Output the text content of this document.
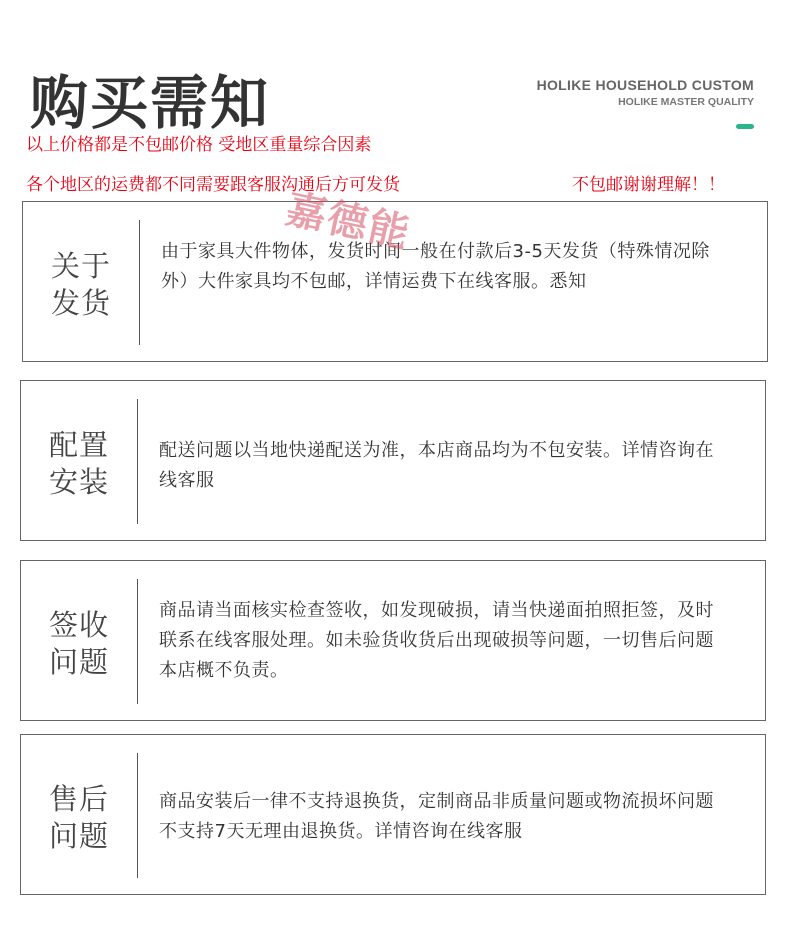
购买需知	HOLIKE HOUSEHOLD CUSTOM
HOLIKE MASTER QUALITY
以上价格都是不包邮价格 受地区重量综合因素
各个地区的运费都不同需要跟客服沟通后方可发货	不包邮谢谢理解！！
嘉德能
关于
发货

由于家具大件物体，发货时间一般在付款后3-5天发货（特殊情况除外）大件家具均不包邮，详情运费下在线客服。悉知

配置
安装

配送问题以当地快递配送为准，本店商品均为不包安装。详情咨询在线客服

签收
问题

商品请当面核实检查签收，如发现破损，请当快递面拍照拒签，及时联系在线客服处理。如未验货收货后出现破损等问题，一切售后问题本店概不负责。

售后
问题

商品安装后一律不支持退换货，定制商品非质量问题或物流损坏问题不支持7天无理由退换货。详情咨询在线客服
